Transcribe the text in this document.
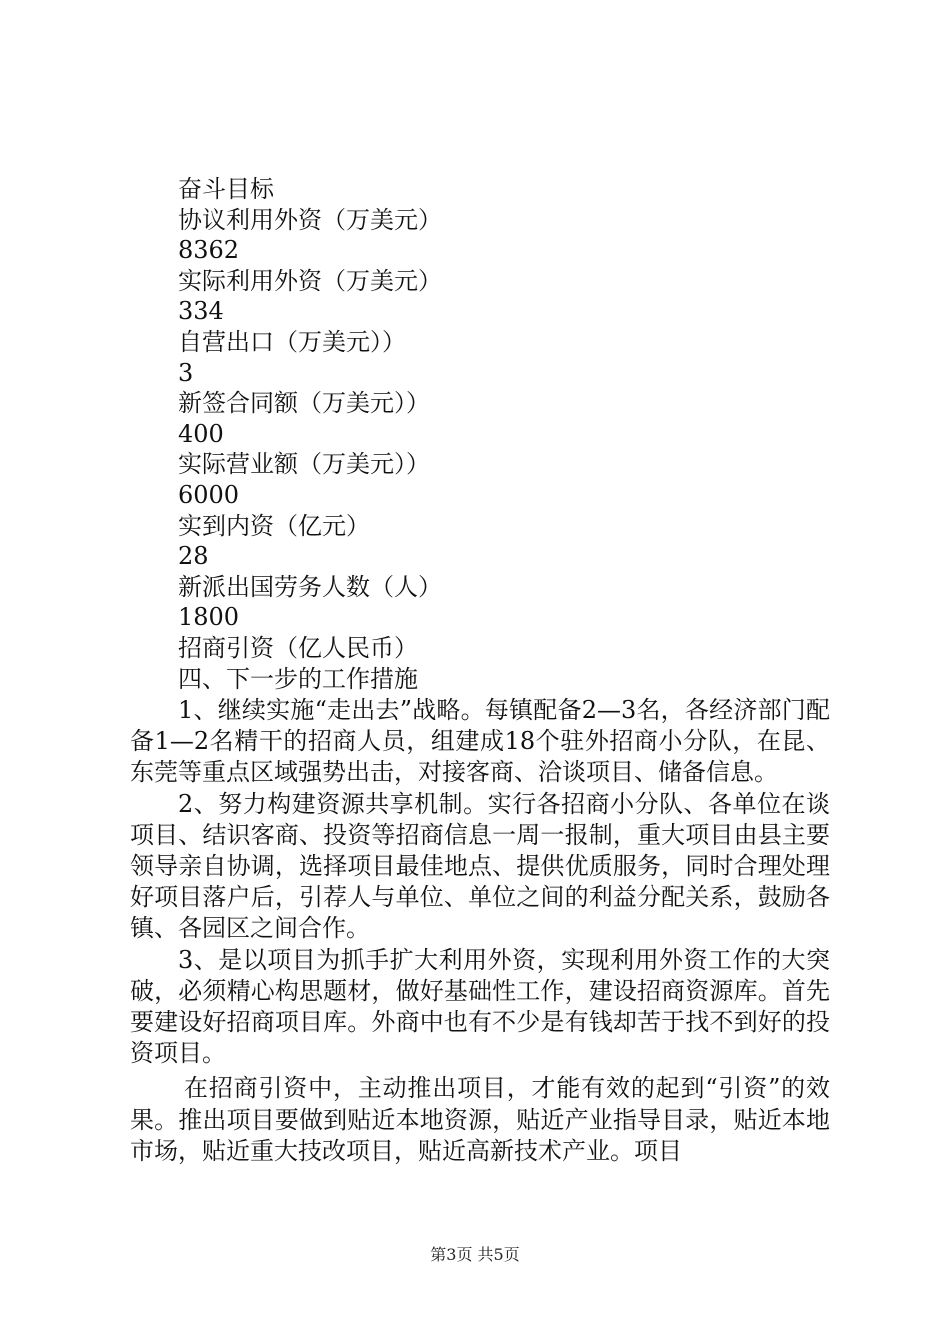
奋斗目标
协议利用外资（万美元）
8362
实际利用外资（万美元）
334
自营出口（万美元））
3
新签合同额（万美元））
400
实际营业额（万美元））
6000
实到内资（亿元）
28
新派出国劳务人数（人）
1800
招商引资（亿人民币）
四、下一步的工作措施

1、继续实施“走出去”战略。每镇配备2—3名，各经济部门配备1—2名精干的招商人员，组建成18个驻外招商小分队，在昆、东莞等重点区域强势出击，对接客商、洽谈项目、储备信息。

2、努力构建资源共享机制。实行各招商小分队、各单位在谈项目、结识客商、投资等招商信息一周一报制，重大项目由县主要领导亲自协调，选择项目最佳地点、提供优质服务，同时合理处理好项目落户后，引荐人与单位、单位之间的利益分配关系，鼓励各镇、各园区之间合作。

3、是以项目为抓手扩大利用外资，实现利用外资工作的大突破，必须精心构思题材，做好基础性工作，建设招商资源库。首先要建设好招商项目库。外商中也有不少是有钱却苦于找不到好的投资项目。

在招商引资中，主动推出项目，才能有效的起到“引资”的效果。推出项目要做到贴近本地资源，贴近产业指导目录，贴近本地市场，贴近重大技改项目，贴近高新技术产业。项目

第3页 共5页
